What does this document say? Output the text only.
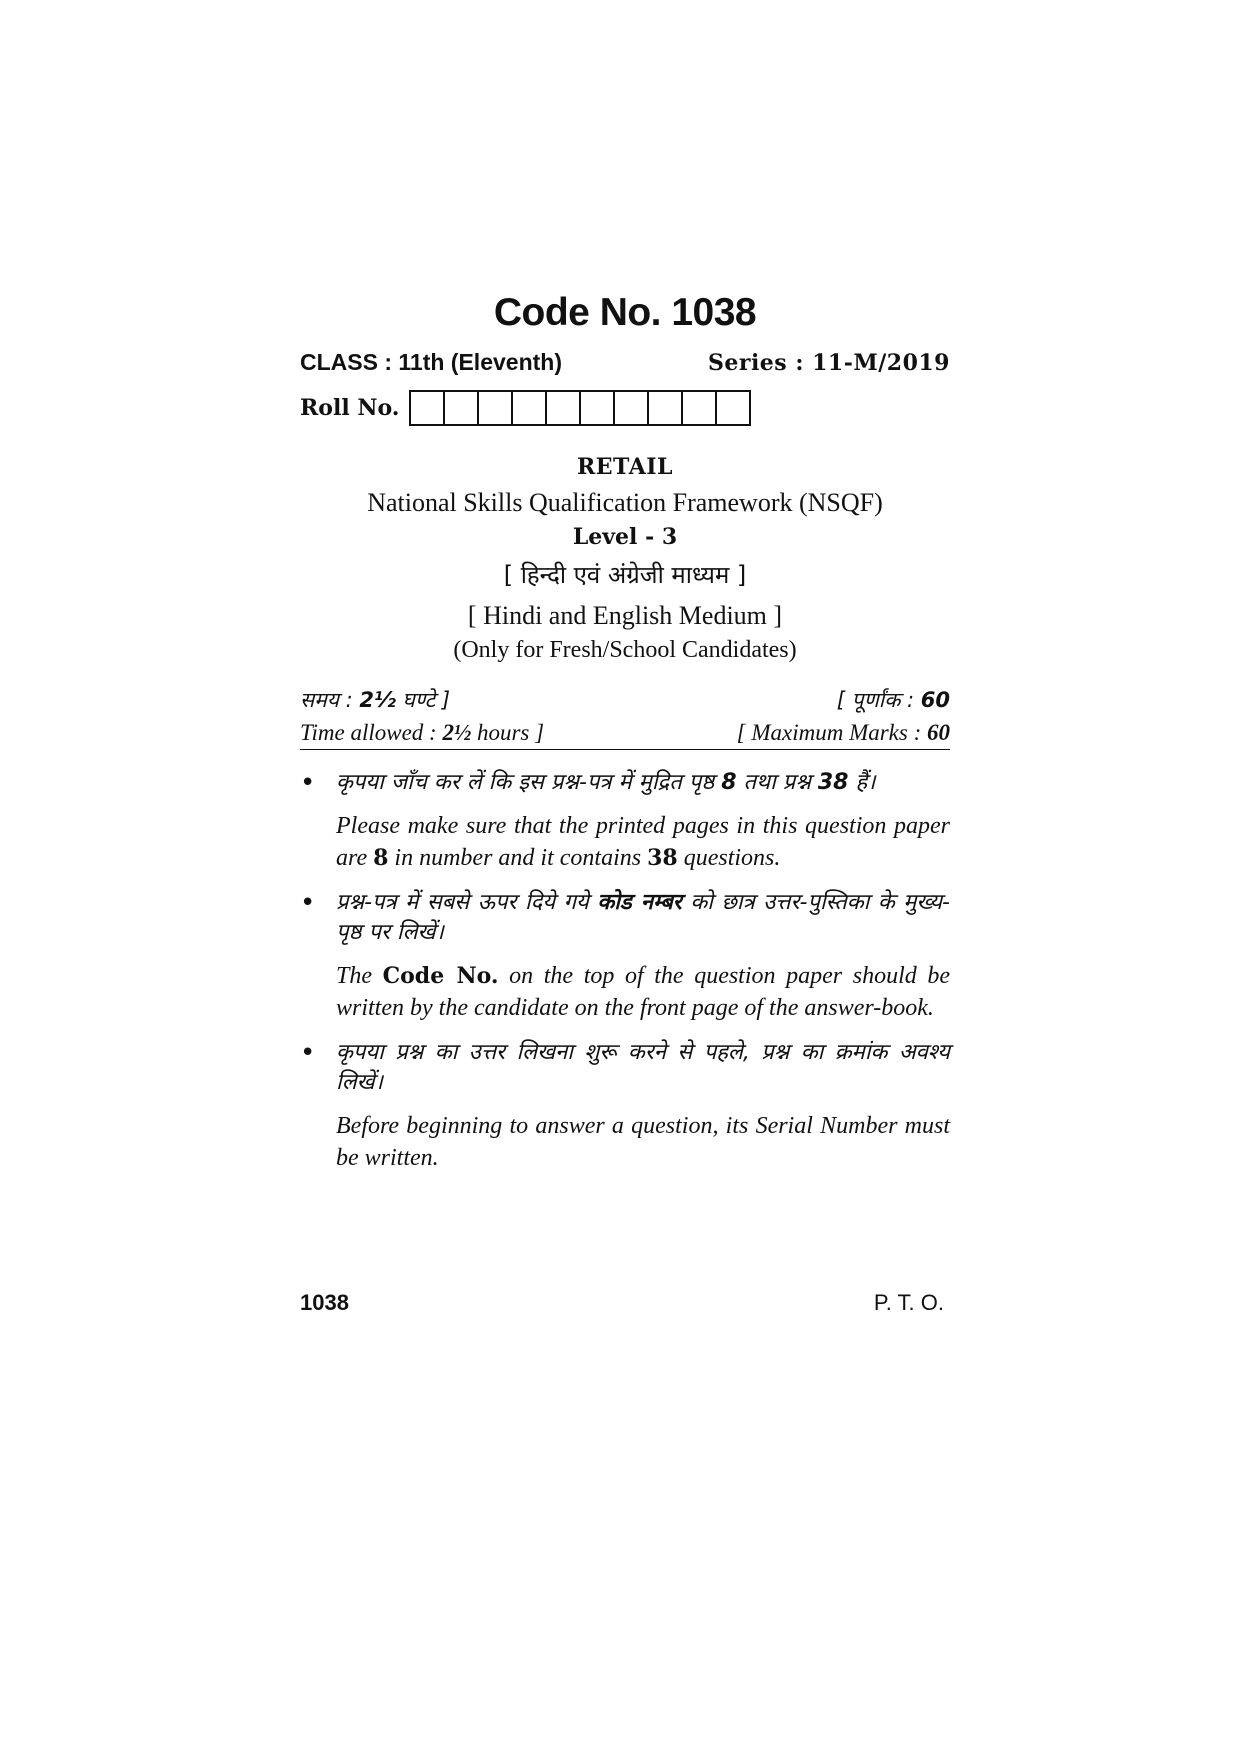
Code No. 1038
CLASS : 11th (Eleventh)	Series : 11-M/2019
Roll No.
RETAIL
National Skills Qualification Framework (NSQF)
Level - 3
[ हिन्दी एवं अंग्रेजी माध्यम ]
[ Hindi and English Medium ]
(Only for Fresh/School Candidates)
समय : 2½ घण्टे ]	[ पूर्णांक : 60
Time allowed : 2½ hours ]	[ Maximum Marks : 60
• कृपया जाँच कर लें कि इस प्रश्न-पत्र में मुद्रित पृष्ठ 8 तथा प्रश्न 38 हैं।
Please make sure that the printed pages in this question paper are 8 in number and it contains 38 questions.
• प्रश्न-पत्र में सबसे ऊपर दिये गये कोड नम्बर को छात्र उत्तर-पुस्तिका के मुख्य-पृष्ठ पर लिखें।
The Code No. on the top of the question paper should be written by the candidate on the front page of the answer-book.
• कृपया प्रश्न का उत्तर लिखना शुरू करने से पहले, प्रश्न का क्रमांक अवश्य लिखें।
Before beginning to answer a question, its Serial Number must be written.
1038	P. T. O.
